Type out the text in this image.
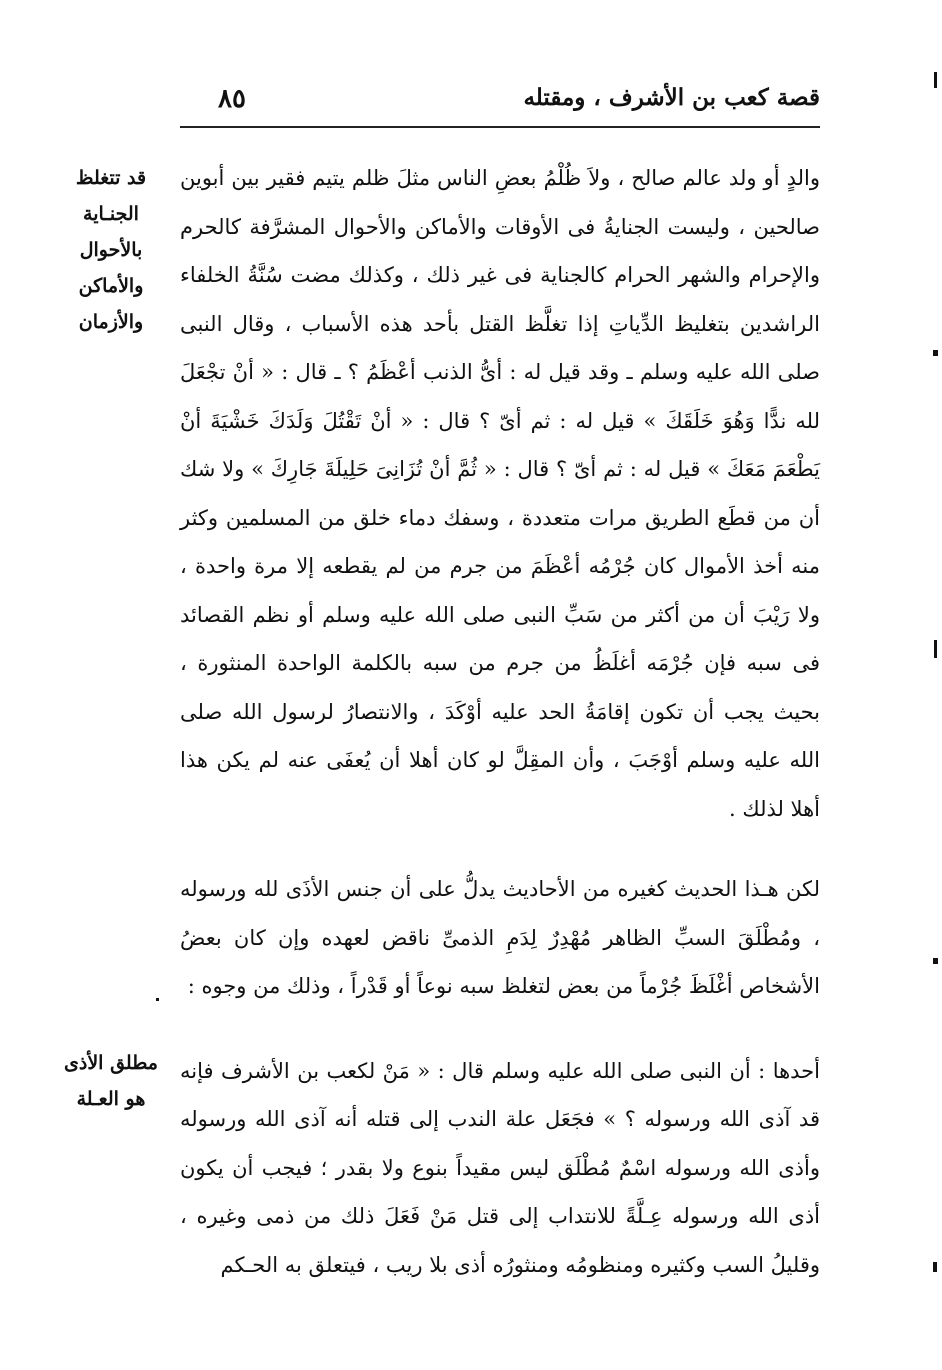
٨٥	قصة كعب بن الأشرف ، ومقتله
قد تتغلظ
الجنـاية
بالأحوال
والأماكن
والأزمان
مطلق الأذى
هو العـلة

والدٍ أو ولد عالم صالح ، ولاَ ظُلْمُ بعضِ الناس مثلَ ظلم يتيم فقير بين أبوين صالحين ، وليست الجنايةُ فى الأوقات والأماكن والأحوال المشرَّفة كالحرم والإحرام والشهر الحرام كالجناية فى غير ذلك ، وكذلك مضت سُنَّةُ الخلفاء الراشدين بتغليظ الدِّياتِ إذا تغلَّظ القتل بأحد هذه الأسباب ، وقال النبى صلى الله عليه وسلم ـ وقد قيل له : أىُّ الذنب أعْظَمُ ؟ ـ قال : « أنْ تجْعَلَ لله ندًّا وَهُوَ خَلَقَكَ » قيل له : ثم أىّ ؟ قال : « أنْ تَقْتُلَ وَلَدَكَ خَشْيَةَ أنْ يَطْعَمَ مَعَكَ » قيل له : ثم أىّ ؟ قال : « ثُمَّ أنْ تُزَانِىَ حَلِيلَةَ جَارِكَ » ولا شك أن من قطَع الطريق مرات متعددة ، وسفك دماء خلق من المسلمين وكثر منه أخذ الأموال كان جُرْمُه أعْظَمَ من جرم من لم يقطعه إلا مرة واحدة ، ولا رَيْبَ أن من أكثر من سَبِّ النبى صلى الله عليه وسلم أو نظم القصائد فى سبه فإن جُرْمَه أغلَظُ من جرم من سبه بالكلمة الواحدة المنثورة ، بحيث يجب أن تكون إقامَةُ الحد عليه أوْكَدَ ، والانتصارُ لرسول الله صلى الله عليه وسلم أوْجَبَ ، وأن المقِلَّ لو كان أهلا أن يُعفَى عنه لم يكن هذا أهلا لذلك .

لكن هـذا الحديث كغيره من الأحاديث يدلُّ على أن جنس الأذَى لله ورسوله ، ومُطْلَقَ السبِّ الظاهر مُهْدِرٌ لِدَمِ الذمىِّ ناقض لعهده وإن كان بعضُ الأشخاص أغْلَظَ جُرْماً من بعض لتغلظ سبه نوعاً أو قَدْراً ، وذلك من وجوه :

أحدها : أن النبى صلى الله عليه وسلم قال : « مَنْ لكعب بن الأشرف فإنه قد آذى الله ورسوله ؟ » فجَعَل علة الندب إلى قتله أنه آذى الله ورسوله وأذى الله ورسوله اسْمٌ مُطْلَق ليس مقيداً بنوع ولا بقدر ؛ فيجب أن يكون أذى الله ورسوله عِـلَّةً للانتداب إلى قتل مَنْ فَعَلَ ذلك من ذمى وغيره ، وقليلُ السب وكثيره ومنظومُه ومنثورُه أذى بلا ريب ، فيتعلق به الحـكم
